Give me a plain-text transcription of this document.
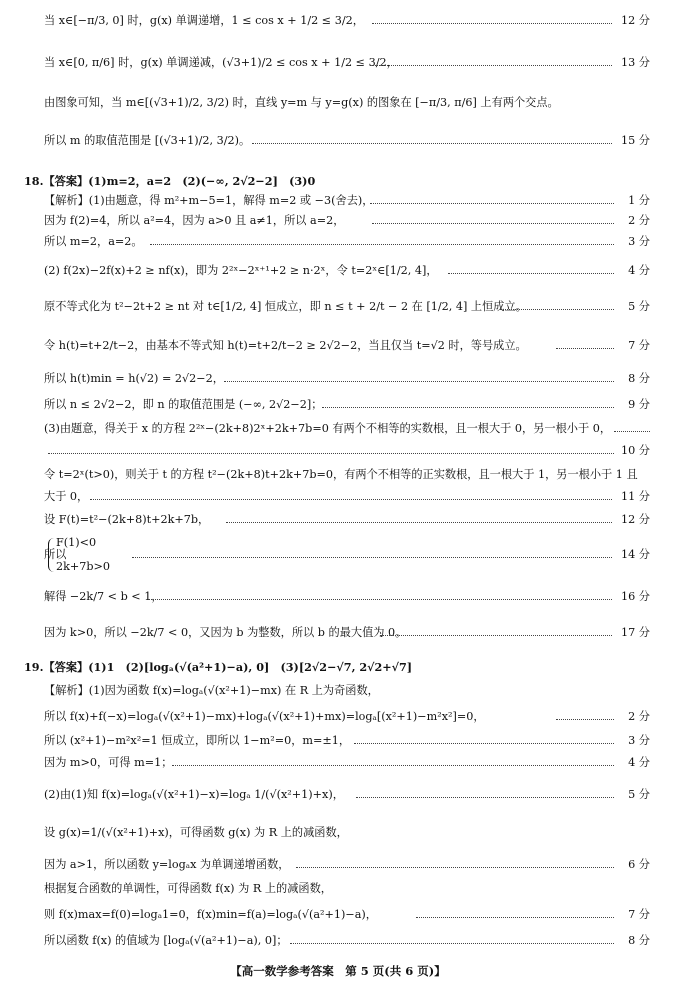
当 x∈[−π/3, 0] 时，g(x) 单调递增，1 ≤ cos x + 1/2 ≤ 3/2，	12 分
当 x∈[0, π/6] 时，g(x) 单调递减，(√3+1)/2 ≤ cos x + 1/2 ≤ 3/2，	13 分
由图象可知，当 m∈[(√3+1)/2, 3/2) 时，直线 y=m 与 y=g(x) 的图象在 [−π/3, π/6] 上有两个交点。
所以 m 的取值范围是 [(√3+1)/2, 3/2)。	15 分
18.【答案】(1)m=2，a=2　(2)(−∞, 2√2−2]　(3)0
【解析】(1)由题意，得 m²+m−5=1，解得 m=2 或 −3(舍去)，	1 分
因为 f(2)=4，所以 a²=4，因为 a>0 且 a≠1，所以 a=2，	2 分
所以 m=2，a=2。	3 分
(2) f(2x)−2f(x)+2 ≥ nf(x)，即为 2²ˣ−2ˣ⁺¹+2 ≥ n·2ˣ，令 t=2ˣ∈[1/2, 4]，	4 分
原不等式化为 t²−2t+2 ≥ nt 对 t∈[1/2, 4] 恒成立，即 n ≤ t + 2/t − 2 在 [1/2, 4] 上恒成立。	5 分
令 h(t)=t+2/t−2，由基本不等式知 h(t)=t+2/t−2 ≥ 2√2−2，当且仅当 t=√2 时，等号成立。	7 分
所以 h(t)min = h(√2) = 2√2−2，	8 分
所以 n ≤ 2√2−2，即 n 的取值范围是 (−∞, 2√2−2]；	9 分
(3)由题意，得关于 x 的方程 2²ˣ−(2k+8)2ˣ+2k+7b=0 有两个不相等的实数根，且一根大于 0，另一根小于 0，
10 分
令 t=2ˣ(t>0)，则关于 t 的方程 t²−(2k+8)t+2k+7b=0，有两个不相等的正实数根，且一根大于 1，另一根小于 1 且
大于 0，	11 分
设 F(t)=t²−(2k+8)t+2k+7b，	12 分
F(1)<0
所以	14 分
2k+7b>0
解得 −2k/7 < b < 1，	16 分
因为 k>0，所以 −2k/7 < 0，又因为 b 为整数，所以 b 的最大值为 0。	17 分
19.【答案】(1)1　(2)[logₐ(√(a²+1)−a), 0]　(3)[2√2−√7, 2√2+√7]
【解析】(1)因为函数 f(x)=logₐ(√(x²+1)−mx) 在 R 上为奇函数，
所以 f(x)+f(−x)=logₐ(√(x²+1)−mx)+logₐ(√(x²+1)+mx)=logₐ[(x²+1)−m²x²]=0，	2 分
所以 (x²+1)−m²x²=1 恒成立，即所以 1−m²=0，m=±1，	3 分
因为 m>0，可得 m=1；	4 分
(2)由(1)知 f(x)=logₐ(√(x²+1)−x)=logₐ 1/(√(x²+1)+x)，	5 分
设 g(x)=1/(√(x²+1)+x)，可得函数 g(x) 为 R 上的减函数，
因为 a>1，所以函数 y=logₐx 为单调递增函数，	6 分
根据复合函数的单调性，可得函数 f(x) 为 R 上的减函数，
则 f(x)max=f(0)=logₐ1=0，f(x)min=f(a)=logₐ(√(a²+1)−a)，	7 分
所以函数 f(x) 的值域为 [logₐ(√(a²+1)−a), 0]；	8 分
【高一数学参考答案　第 5 页(共 6 页)】
